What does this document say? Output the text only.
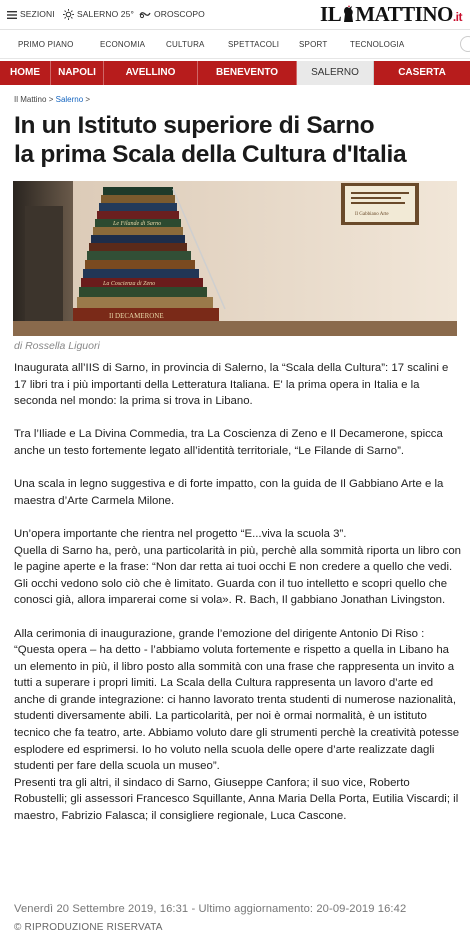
SEZIONI	SALERNO 25°	OROSCOPO	IL MATTINO.it
PRIMO PIANO	ECONOMIA	CULTURA	SPETTACOLI SPORT	TECNOLOGIA
HOME	NAPOLI	AVELLINO	BENEVENTO	SALERNO	CASERTA
Il Mattino > Salerno >
In un Istituto superiore di Sarno
la prima Scala della Cultura d'Italia
Le Filande di Sarno
La Coscienza di Zeno
Il DECAMERONE
Il Gabbiano Arte
di Rossella Liguori

Inaugurata all’IIS di Sarno, in provincia di Salerno, la “Scala della Cultura”: 17 scalini e 17 libri tra i più importanti della Letteratura Italiana. E' la prima opera in Italia e la seconda nel mondo: la prima si trova in Libano.

Tra l’Iliade e La Divina Commedia, tra La Coscienza di Zeno e Il Decamerone, spicca anche un testo fortemente legato all’identità territoriale, “Le Filande di Sarno”.

Una scala in legno suggestiva e di forte impatto, con la guida de Il Gabbiano Arte e la maestra d’Arte Carmela Milone.

Un’opera importante che rientra nel progetto “E...viva la scuola 3”.

Quella di Sarno ha, però, una particolarità in più, perchè alla sommità riporta un libro con le pagine aperte e la frase: “Non dar retta ai tuoi occhi E non credere a quello che vedi. Gli occhi vedono solo ciò che è limitato. Guarda con il tuo intelletto e scopri quello che conosci già, allora imparerai come si vola». R. Bach, Il gabbiano Jonathan Livingston.

Alla cerimonia di inaugurazione, grande l’emozione del dirigente Antonio Di Riso : “Questa opera – ha detto - l’abbiamo voluta fortemente e rispetto a quella in Libano ha un elemento in più, il libro posto alla sommità con una frase che rappresenta un invito a tutti a superare i propri limiti. La Scala della Cultura rappresenta un lavoro d’arte ed anche di grande integrazione: ci hanno lavorato trenta studenti di numerose nazionalità, studenti diversamente abili. La particolarità, per noi è ormai normalità, è un istituto tecnico che fa teatro, arte. Abbiamo voluto dare gli strumenti perchè la creatività potesse esplodere ed esprimersi. Io ho voluto nella scuola delle opere d’arte realizzate dagli studenti per fare della scuola un museo”.

Presenti tra gli altri, il sindaco di Sarno, Giuseppe Canfora; il suo vice, Roberto Robustelli; gli assessori Francesco Squillante, Anna Maria Della Porta, Eutilia Viscardi; il maestro, Fabrizio Falasca; il consigliere regionale, Luca Cascone.

Venerdì 20 Settembre 2019, 16:31 - Ultimo aggiornamento: 20-09-2019 16:42
© RIPRODUZIONE RISERVATA
